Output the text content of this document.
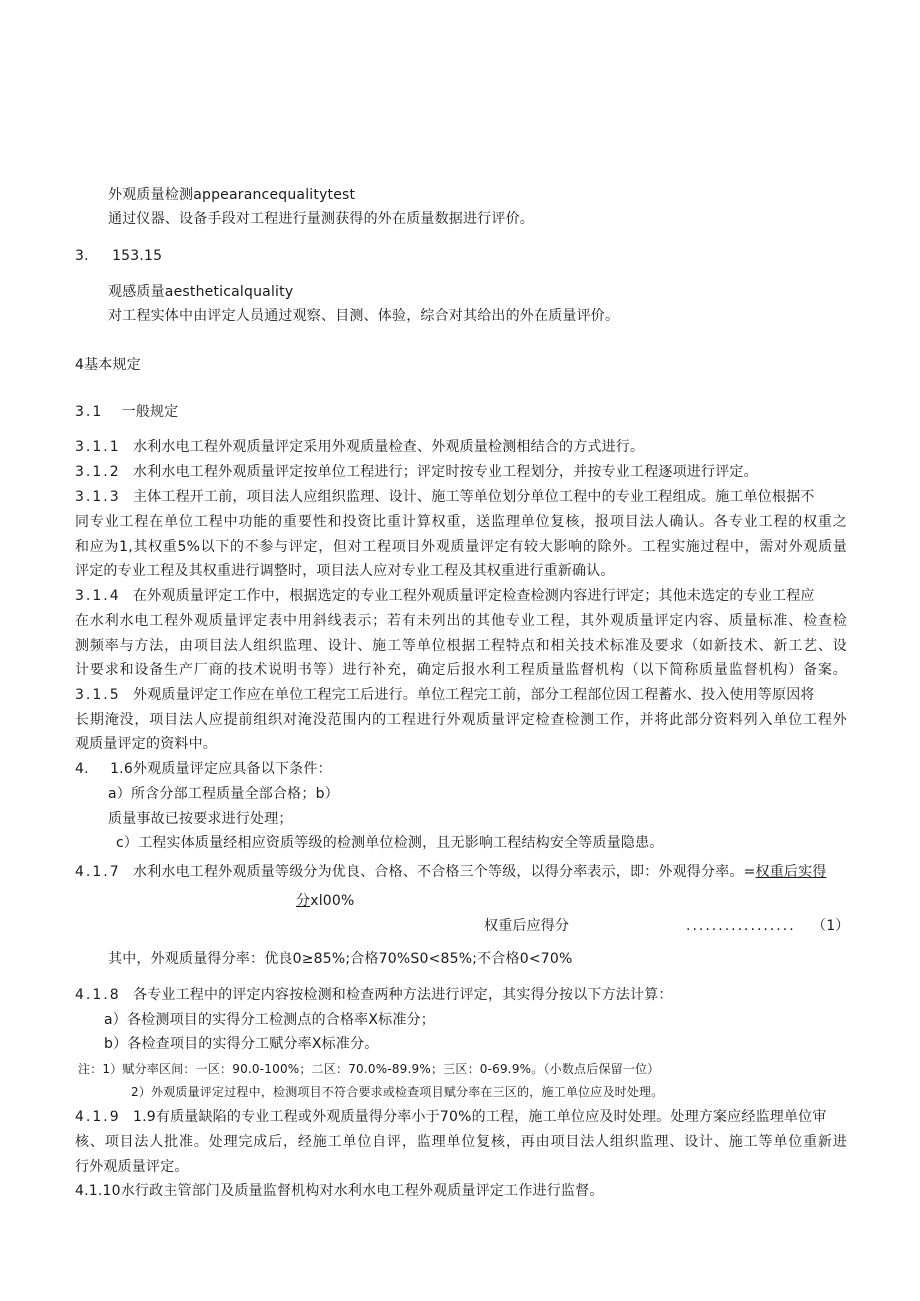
外观质量检测appearancequalitytest
通过仪器、设备手段对工程进行量测获得的外在质量数据进行评价。
3. 153.15
观感质量aestheticalquality
对工程实体中由评定人员通过观察、目测、体验，综合对其给出的外在质量评价。
4基本规定
3.1 一般规定
3.1.1 水利水电工程外观质量评定采用外观质量检查、外观质量检测相结合的方式进行。
3.1.2 水利水电工程外观质量评定按单位工程进行；评定时按专业工程划分，并按专业工程逐项进行评定。
3.1.3 主体工程开工前，项目法人应组织监理、设计、施工等单位划分单位工程中的专业工程组成。施工单位根据不
同专业工程在单位工程中功能的重要性和投资比重计算权重，送监理单位复核，报项目法人确认。各专业工程的权重之
和应为1,其权重5%以下的不参与评定，但对工程项目外观质量评定有较大影响的除外。工程实施过程中，需对外观质量
评定的专业工程及其权重进行调整时，项目法人应对专业工程及其权重进行重新确认。
3.1.4 在外观质量评定工作中，根据选定的专业工程外观质量评定检查检测内容进行评定；其他未选定的专业工程应
在水利水电工程外观质量评定表中用斜线表示；若有未列出的其他专业工程，其外观质量评定内容、质量标准、检查检
测频率与方法，由项目法人组织监理、设计、施工等单位根据工程特点和相关技术标准及要求（如新技术、新工艺、设
计要求和设备生产厂商的技术说明书等）进行补充，确定后报水利工程质量监督机构（以下简称质量监督机构）备案。
3.1.5 外观质量评定工作应在单位工程完工后进行。单位工程完工前，部分工程部位因工程蓄水、投入使用等原因将
长期淹没，项目法人应提前组织对淹没范围内的工程进行外观质量评定检查检测工作，并将此部分资料列入单位工程外
观质量评定的资料中。
4. 1.6外观质量评定应具备以下条件：
a）所含分部工程质量全部合格；b）
质量事故已按要求进行处理；
c）工程实体质量经相应资质等级的检测单位检测，且无影响工程结构安全等质量隐患。
4.1.7 水利水电工程外观质量等级分为优良、合格、不合格三个等级，以得分率表示，即：外观得分率。=权重后实得
分xl00%
权重后应得分	................. （1）
其中，外观质量得分率：优良0≥85%;合格70%S0<85%;不合格0<70%
4.1.8 各专业工程中的评定内容按检测和检查两种方法进行评定，其实得分按以下方法计算：
a）各检测项目的实得分工检测点的合格率X标准分；
b）各检查项目的实得分工赋分率X标准分。
注：1）赋分率区间：一区：90.0-100%；二区：70.0%-89.9%；三区：0-69.9%。（小数点后保留一位）
2）外观质量评定过程中，检测项目不符合要求或检查项目赋分率在三区的，施工单位应及时处理。
4.1.9 1.9有质量缺陷的专业工程或外观质量得分率小于70%的工程，施工单位应及时处理。处理方案应经监理单位审
核、项目法人批准。处理完成后，经施工单位自评，监理单位复核，再由项目法人组织监理、设计、施工等单位重新进
行外观质量评定。
4.1.10水行政主管部门及质量监督机构对水利水电工程外观质量评定工作进行监督。
